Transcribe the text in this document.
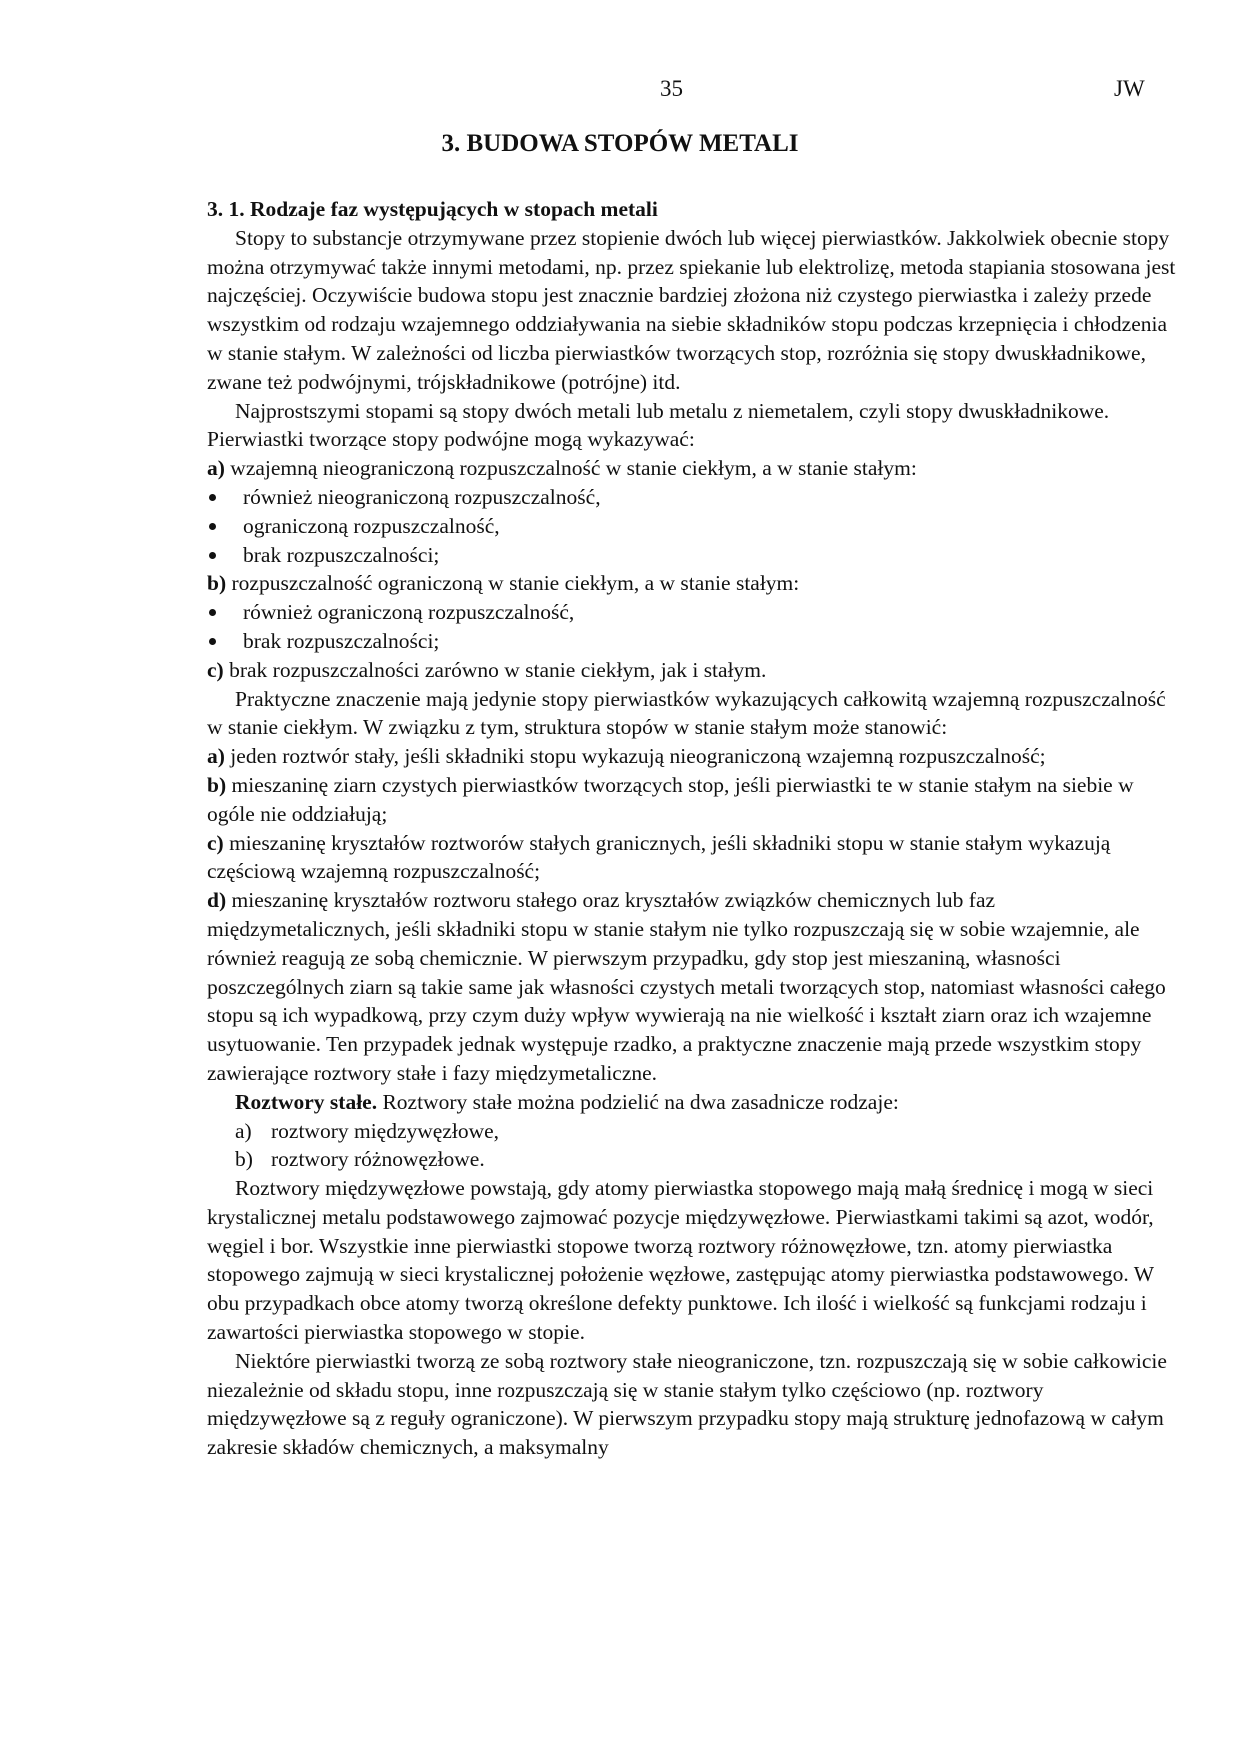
35	JW
3. BUDOWA STOPÓW METALI
3. 1. Rodzaje faz występujących w stopach metali

Stopy to substancje otrzymywane przez stopienie dwóch lub więcej pierwiastków. Jakkolwiek obecnie stopy można otrzymywać także innymi metodami, np. przez spiekanie lub elektrolizę, metoda stapiania stosowana jest najczęściej. Oczywiście budowa stopu jest znacznie bardziej złożona niż czystego pierwiastka i zależy przede wszystkim od rodzaju wzajemnego oddziaływania na siebie składników stopu podczas krzepnięcia i chłodzenia w stanie stałym. W zależności od liczba pierwiastków tworzących stop, rozróżnia się stopy dwuskładnikowe, zwane też podwójnymi, trójskładnikowe (potrójne) itd.

Najprostszymi stopami są stopy dwóch metali lub metalu z niemetalem, czyli stopy dwuskładnikowe. Pierwiastki tworzące stopy podwójne mogą wykazywać:

a) wzajemną nieograniczoną rozpuszczalność w stanie ciekłym, a w stanie stałym:

również nieograniczoną rozpuszczalność,
ograniczoną rozpuszczalność,
brak rozpuszczalności;

b) rozpuszczalność ograniczoną w stanie ciekłym, a w stanie stałym:

również ograniczoną rozpuszczalność,
brak rozpuszczalności;

c) brak rozpuszczalności zarówno w stanie ciekłym, jak i stałym.

Praktyczne znaczenie mają jedynie stopy pierwiastków wykazujących całkowitą wzajemną rozpuszczalność w stanie ciekłym. W związku z tym, struktura stopów w stanie stałym może stanowić:

a) jeden roztwór stały, jeśli składniki stopu wykazują nieograniczoną wzajemną rozpuszczalność;

b) mieszaninę ziarn czystych pierwiastków tworzących stop, jeśli pierwiastki te w stanie stałym na siebie w ogóle nie oddziałują;

c) mieszaninę kryształów roztworów stałych granicznych, jeśli składniki stopu w stanie stałym wykazują częściową wzajemną rozpuszczalność;

d) mieszaninę kryształów roztworu stałego oraz kryształów związków chemicznych lub faz międzymetalicznych, jeśli składniki stopu w stanie stałym nie tylko rozpuszczają się w sobie wzajemnie, ale również reagują ze sobą chemicznie. W pierwszym przypadku, gdy stop jest mieszaniną, własności poszczególnych ziarn są takie same jak własności czystych metali tworzących stop, natomiast własności całego stopu są ich wypadkową, przy czym duży wpływ wywierają na nie wielkość i kształt ziarn oraz ich wzajemne usytuowanie. Ten przypadek jednak występuje rzadko, a praktyczne znaczenie mają przede wszystkim stopy zawierające roztwory stałe i fazy międzymetaliczne.

Roztwory stałe. Roztwory stałe można podzielić na dwa zasadnicze rodzaje:

a) roztwory międzywęzłowe,
b) roztwory różnowęzłowe.

Roztwory międzywęzłowe powstają, gdy atomy pierwiastka stopowego mają małą średnicę i mogą w sieci krystalicznej metalu podstawowego zajmować pozycje międzywęzłowe. Pierwiastkami takimi są azot, wodór, węgiel i bor. Wszystkie inne pierwiastki stopowe tworzą roztwory różnowęzłowe, tzn. atomy pierwiastka stopowego zajmują w sieci krystalicznej położenie węzłowe, zastępując atomy pierwiastka podstawowego. W obu przypadkach obce atomy tworzą określone defekty punktowe. Ich ilość i wielkość są funkcjami rodzaju i zawartości pierwiastka stopowego w stopie.

Niektóre pierwiastki tworzą ze sobą roztwory stałe nieograniczone, tzn. rozpuszczają się w sobie całkowicie niezależnie od składu stopu, inne rozpuszczają się w stanie stałym tylko częściowo (np. roztwory międzywęzłowe są z reguły ograniczone). W pierwszym przypadku stopy mają strukturę jednofazową w całym zakresie składów chemicznych, a maksymalny
